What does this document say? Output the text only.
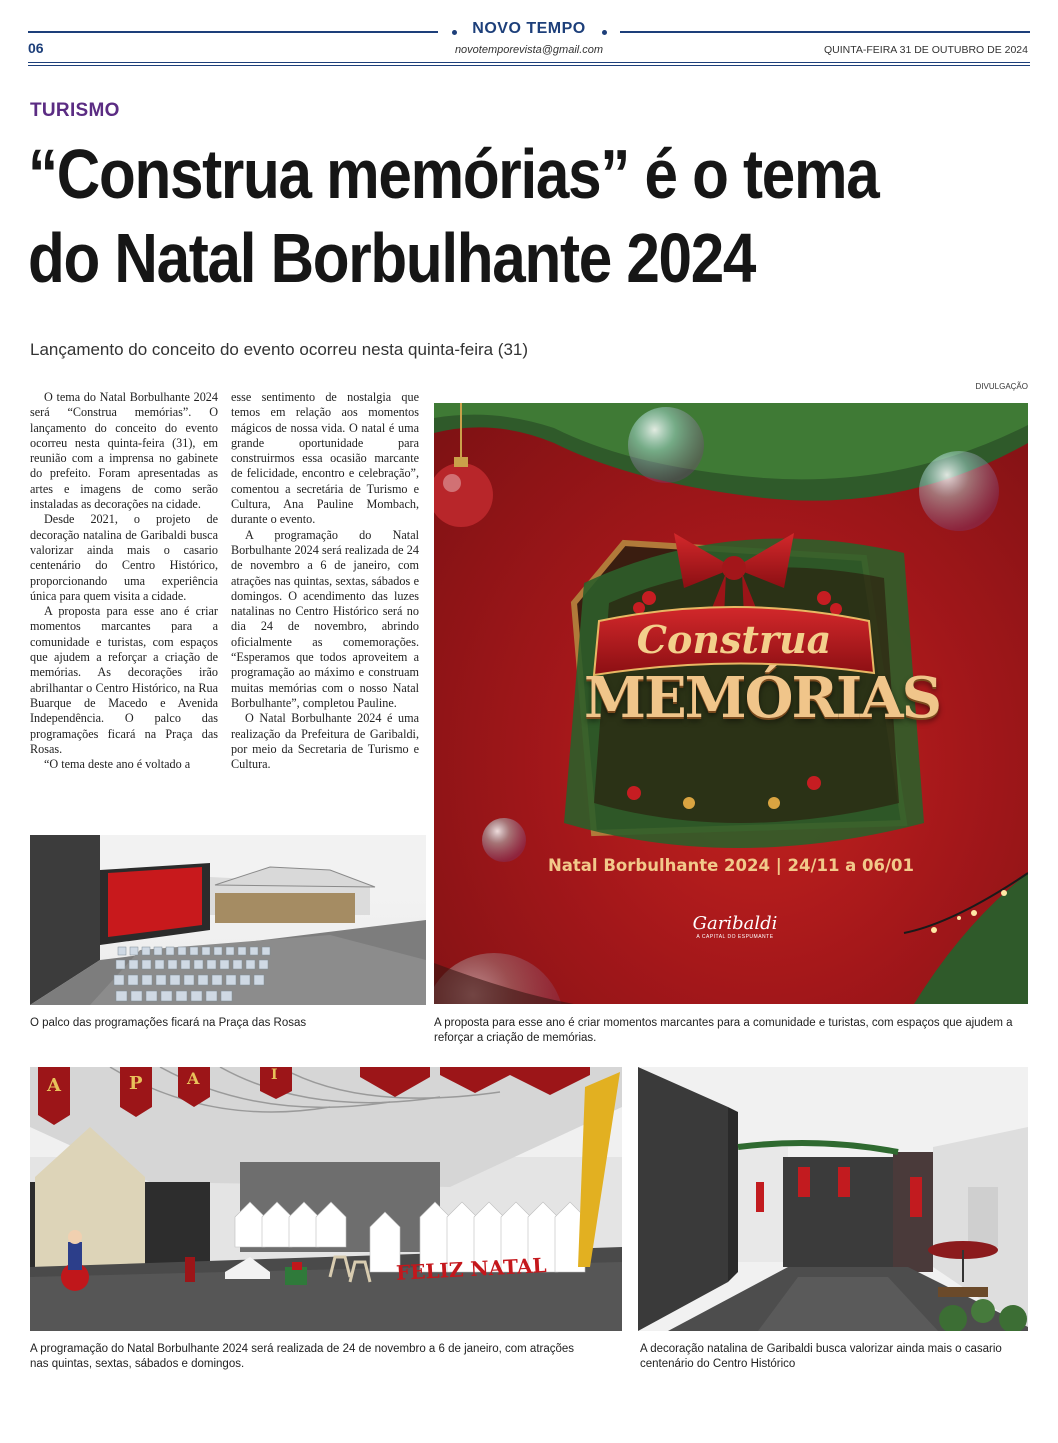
NOVO TEMPO
novotemporevista@gmail.com
06	QUINTA-FEIRA 31 DE OUTUBRO DE 2024
TURISMO
“Construa memórias” é o tema
do Natal Borbulhante 2024
Lançamento do conceito do evento ocorreu nesta quinta-feira (31)
DIVULGAÇÃO

O tema do Natal Borbulhante 2024 será “Construa memórias”. O lançamento do conceito do evento ocorreu nesta quinta-feira (31), em reunião com a imprensa no gabinete do prefeito. Foram apresentadas as artes e imagens de como serão instaladas as decorações na cidade.

Desde 2021, o projeto de decoração natalina de Garibaldi busca valorizar ainda mais o casario centenário do Centro Histórico, proporcionando uma experiência única para quem visita a cidade.

A proposta para esse ano é criar momentos marcantes para a comunidade e turistas, com espaços que ajudem a reforçar a criação de memórias. As decorações irão abrilhantar o Centro Histórico, na Rua Buarque de Macedo e Avenida Independência. O palco das programações ficará na Praça das Rosas.

“O tema deste ano é voltado a

esse sentimento de nostalgia que temos em relação aos momentos mágicos de nossa vida. O natal é uma grande oportunidade para construirmos essa ocasião marcante de felicidade, encontro e celebração”, comentou a secretária de Turismo e Cultura, Ana Pauline Mombach, durante o evento.

A programação do Natal Borbulhante 2024 será realizada de 24 de novembro a 6 de janeiro, com atrações nas quintas, sextas, sábados e domingos. O acendimento das luzes natalinas no Centro Histórico será no dia 24 de novembro, abrindo oficialmente as comemorações. “Esperamos que todos aproveitem a programação ao máximo e construam muitas memórias com o nosso Natal Borbulhante”, completou Pauline.

O Natal Borbulhante 2024 é uma realização da Prefeitura de Garibaldi, por meio da Secretaria de Turismo e Cultura.

Construa
MEMÓRIAS
Natal Borbulhante 2024 | 24/11 a 06/01
Garibaldi
A CAPITAL DO ESPUMANTE
A proposta para esse ano é criar momentos marcantes para a comunidade e turistas, com espaços que ajudem a reforçar a criação de memórias.
O palco das programações ficará na Praça das Rosas
A	P	A	I
FELIZ NATAL
A programação do Natal Borbulhante 2024 será realizada de 24 de novembro a 6 de janeiro, com atrações nas quintas, sextas, sábados e domingos.
A decoração natalina de Garibaldi busca valorizar ainda mais o casario centenário do Centro Histórico
